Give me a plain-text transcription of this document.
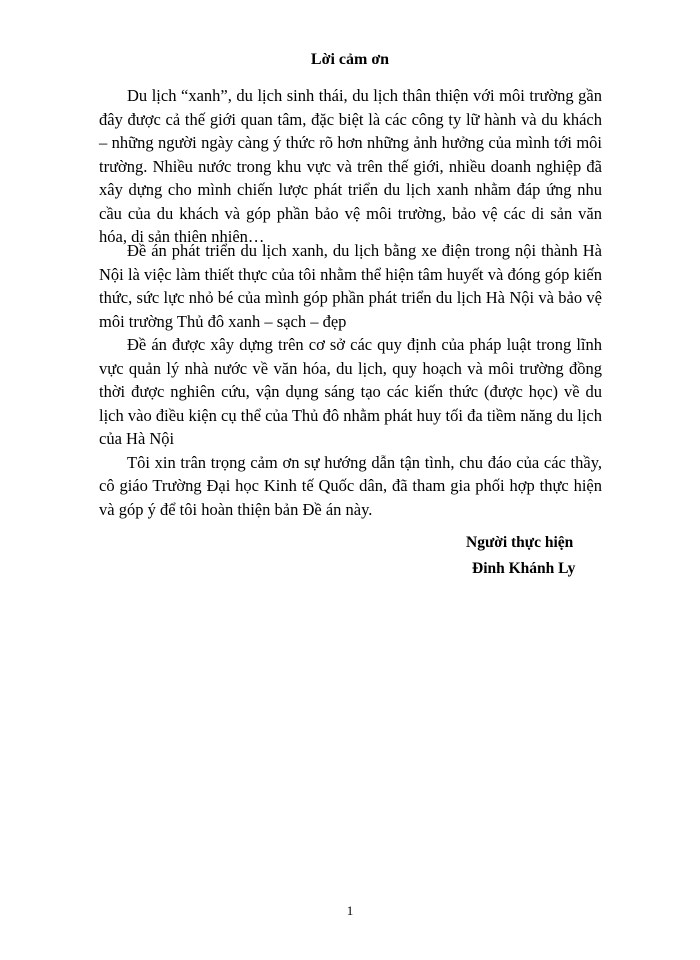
Lời cảm ơn

Du lịch “xanh”, du lịch sinh thái, du lịch thân thiện với môi trường gần đây được cả thế giới quan tâm, đặc biệt là các công ty lữ hành và du khách – những người ngày càng ý thức rõ hơn những ảnh hưởng của mình tới môi trường. Nhiều nước trong khu vực và trên thế giới, nhiều doanh nghiệp đã xây dựng cho mình chiến lược phát triển du lịch xanh nhằm đáp ứng nhu cầu của du khách và góp phần bảo vệ môi trường, bảo vệ các di sản văn hóa, di sản thiên nhiên…

Đề án phát triển du lịch xanh, du lịch bằng xe điện trong nội thành Hà Nội là việc làm thiết thực của tôi nhằm thể hiện tâm huyết và đóng góp kiến thức, sức lực nhỏ bé của mình góp phần phát triển du lịch Hà Nội và bảo vệ môi trường Thủ đô xanh – sạch – đẹp

Đề án được xây dựng trên cơ sở các quy định của pháp luật trong lĩnh vực quản lý nhà nước về văn hóa, du lịch, quy hoạch và môi trường đồng thời được nghiên cứu, vận dụng sáng tạo các kiến thức (được học) về du lịch vào điều kiện cụ thể của Thủ đô nhằm phát huy tối đa tiềm năng du lịch của Hà Nội

Tôi xin trân trọng cảm ơn sự hướng dẫn tận tình, chu đáo của các thầy, cô giáo Trường Đại học Kinh tế Quốc dân, đã tham gia phối hợp thực hiện và góp ý để tôi hoàn thiện bản Đề án này.

Người thực hiện
Đinh Khánh Ly
1
